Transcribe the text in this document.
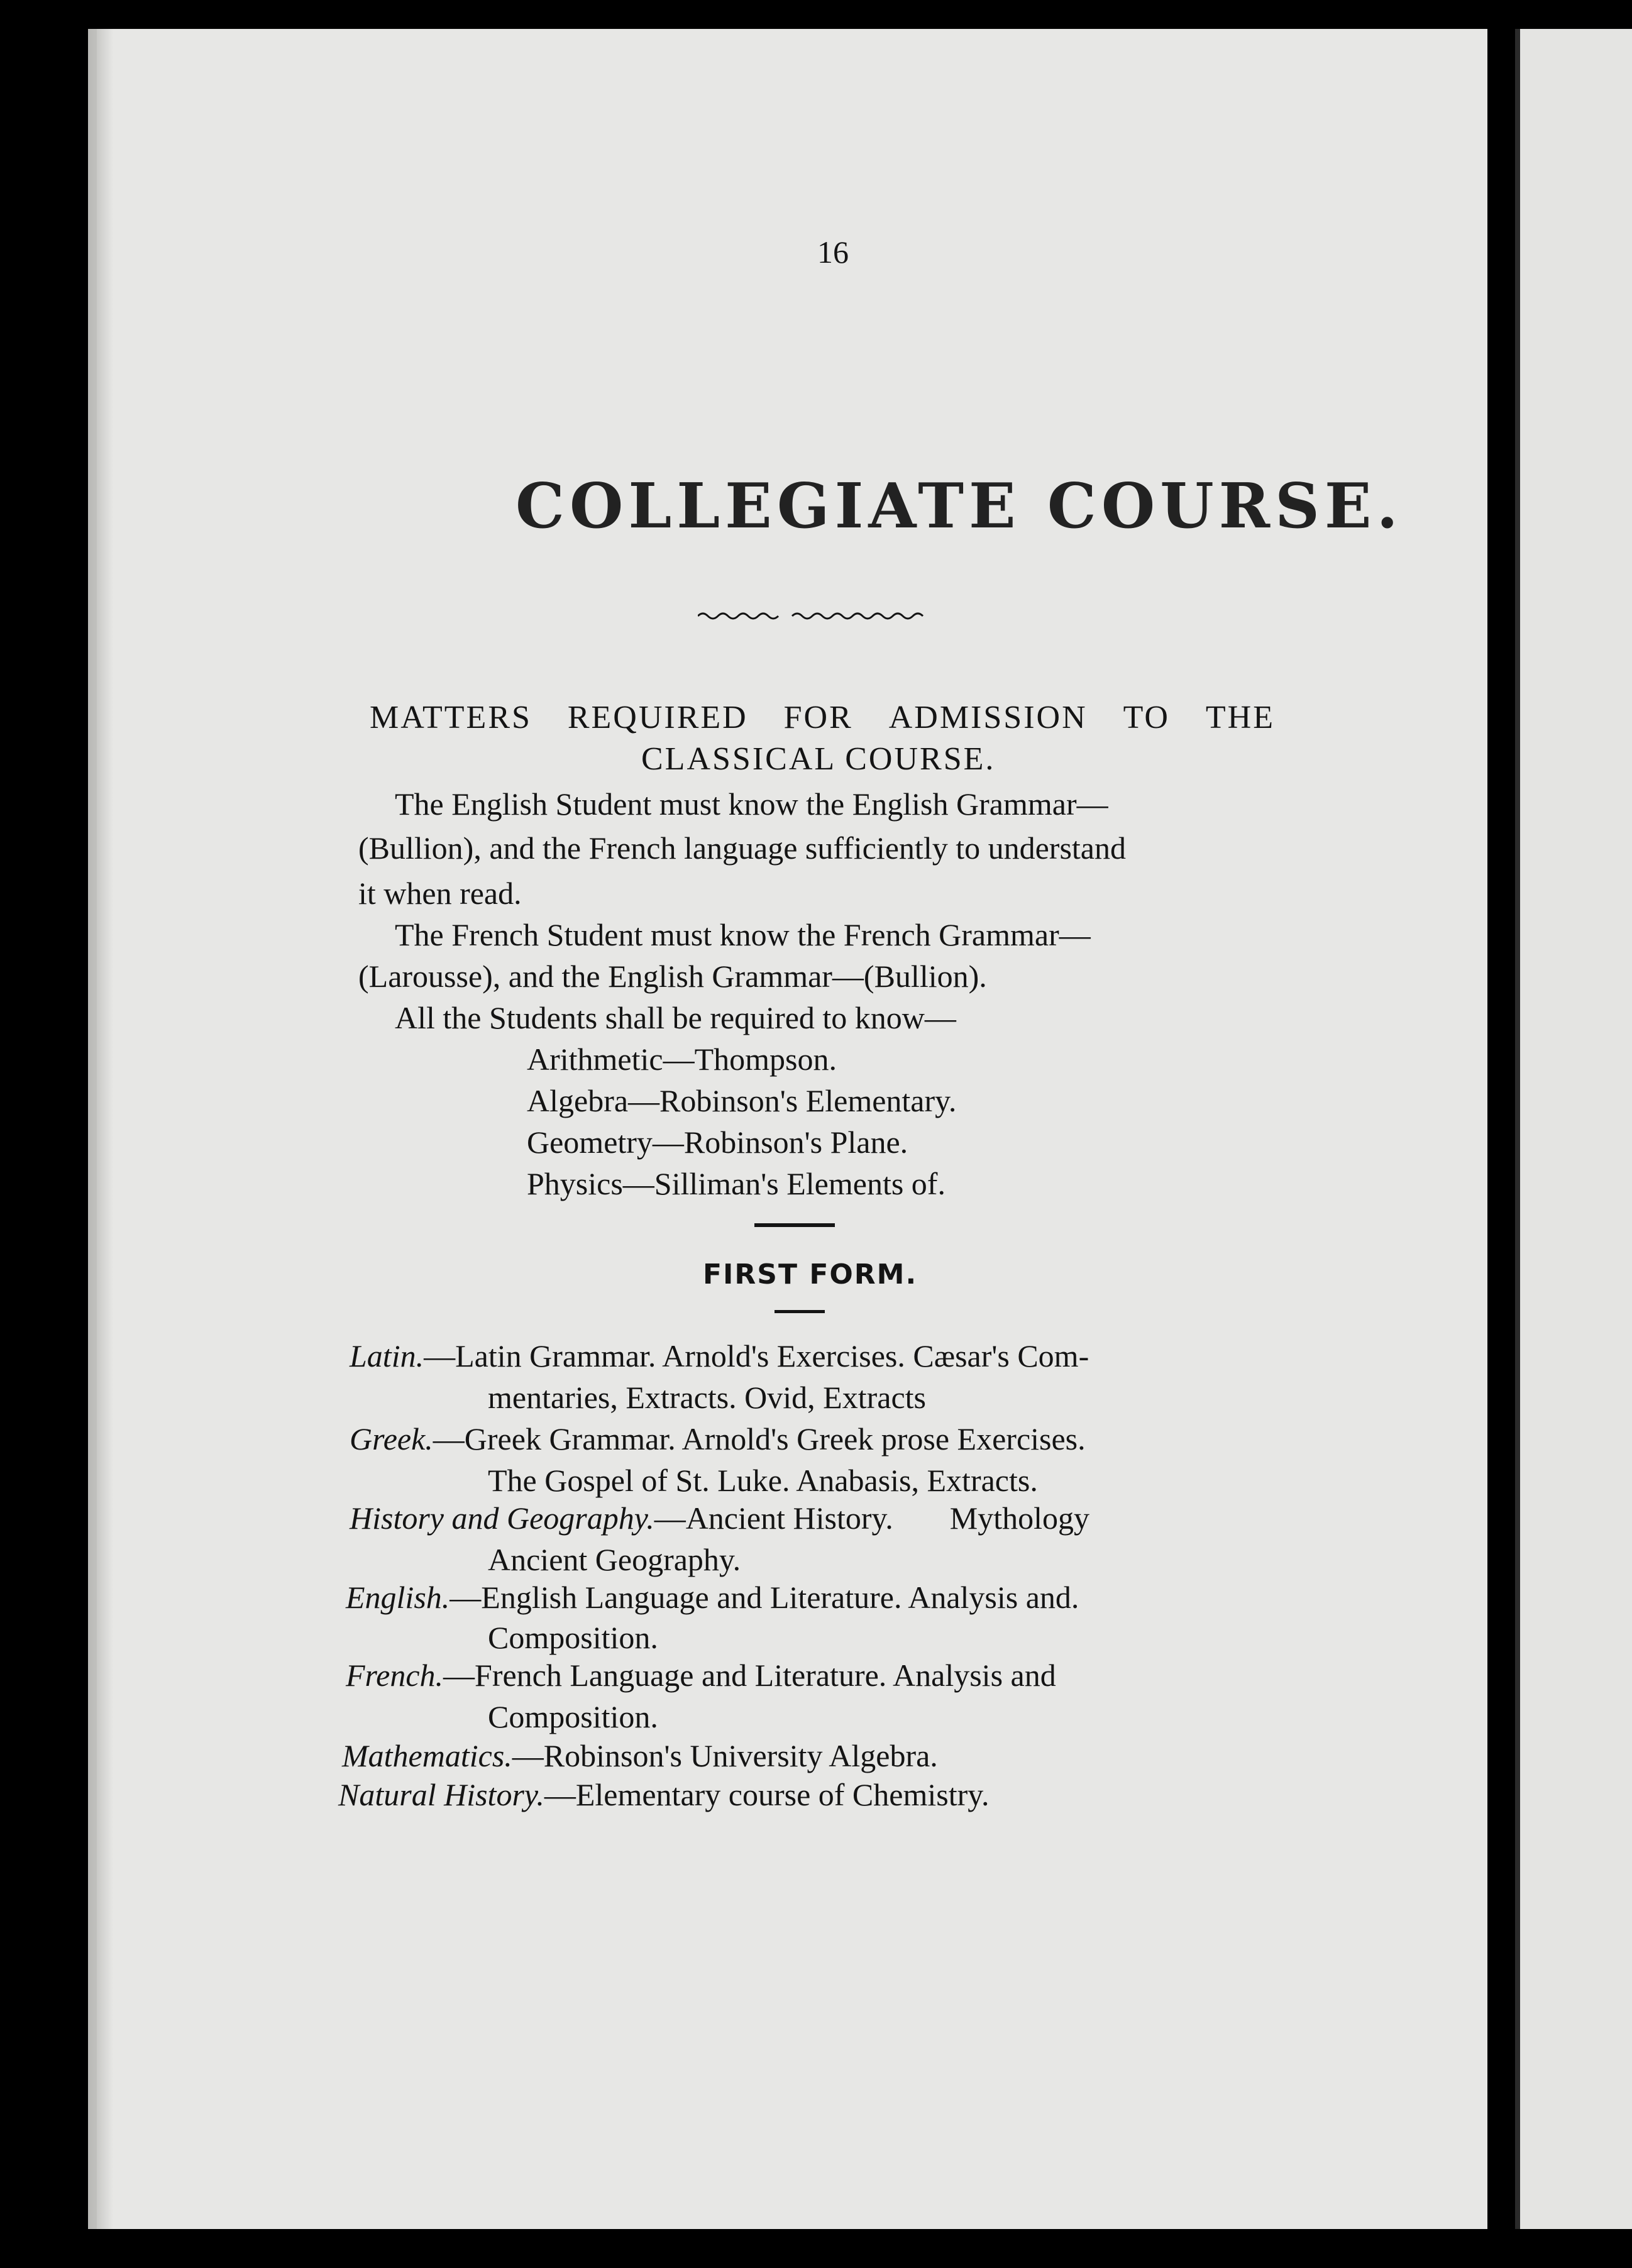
16
COLLEGIATE COURSE.
MATTERS REQUIRED FOR ADMISSION TO THE
CLASSICAL COURSE.
The English Student must know the English Grammar—
(Bullion), and the French language sufficiently to understand
it when read.
The French Student must know the French Grammar—
(Larousse), and the English Grammar—(Bullion).
All the Students shall be required to know—
Arithmetic—Thompson.
Algebra—Robinson's Elementary.
Geometry—Robinson's Plane.
Physics—Silliman's Elements of.
FIRST FORM.
Latin.—Latin Grammar. Arnold's Exercises. Cæsar's Com-
mentaries, Extracts. Ovid, Extracts
Greek.—Greek Grammar. Arnold's Greek prose Exercises.
The Gospel of St. Luke. Anabasis, Extracts.
History and Geography.—Ancient History. Mythology
Ancient Geography.
English.—English Language and Literature. Analysis and.
Composition.
French.—French Language and Literature. Analysis and
Composition.
Mathematics.—Robinson's University Algebra.
Natural History.—Elementary course of Chemistry.
